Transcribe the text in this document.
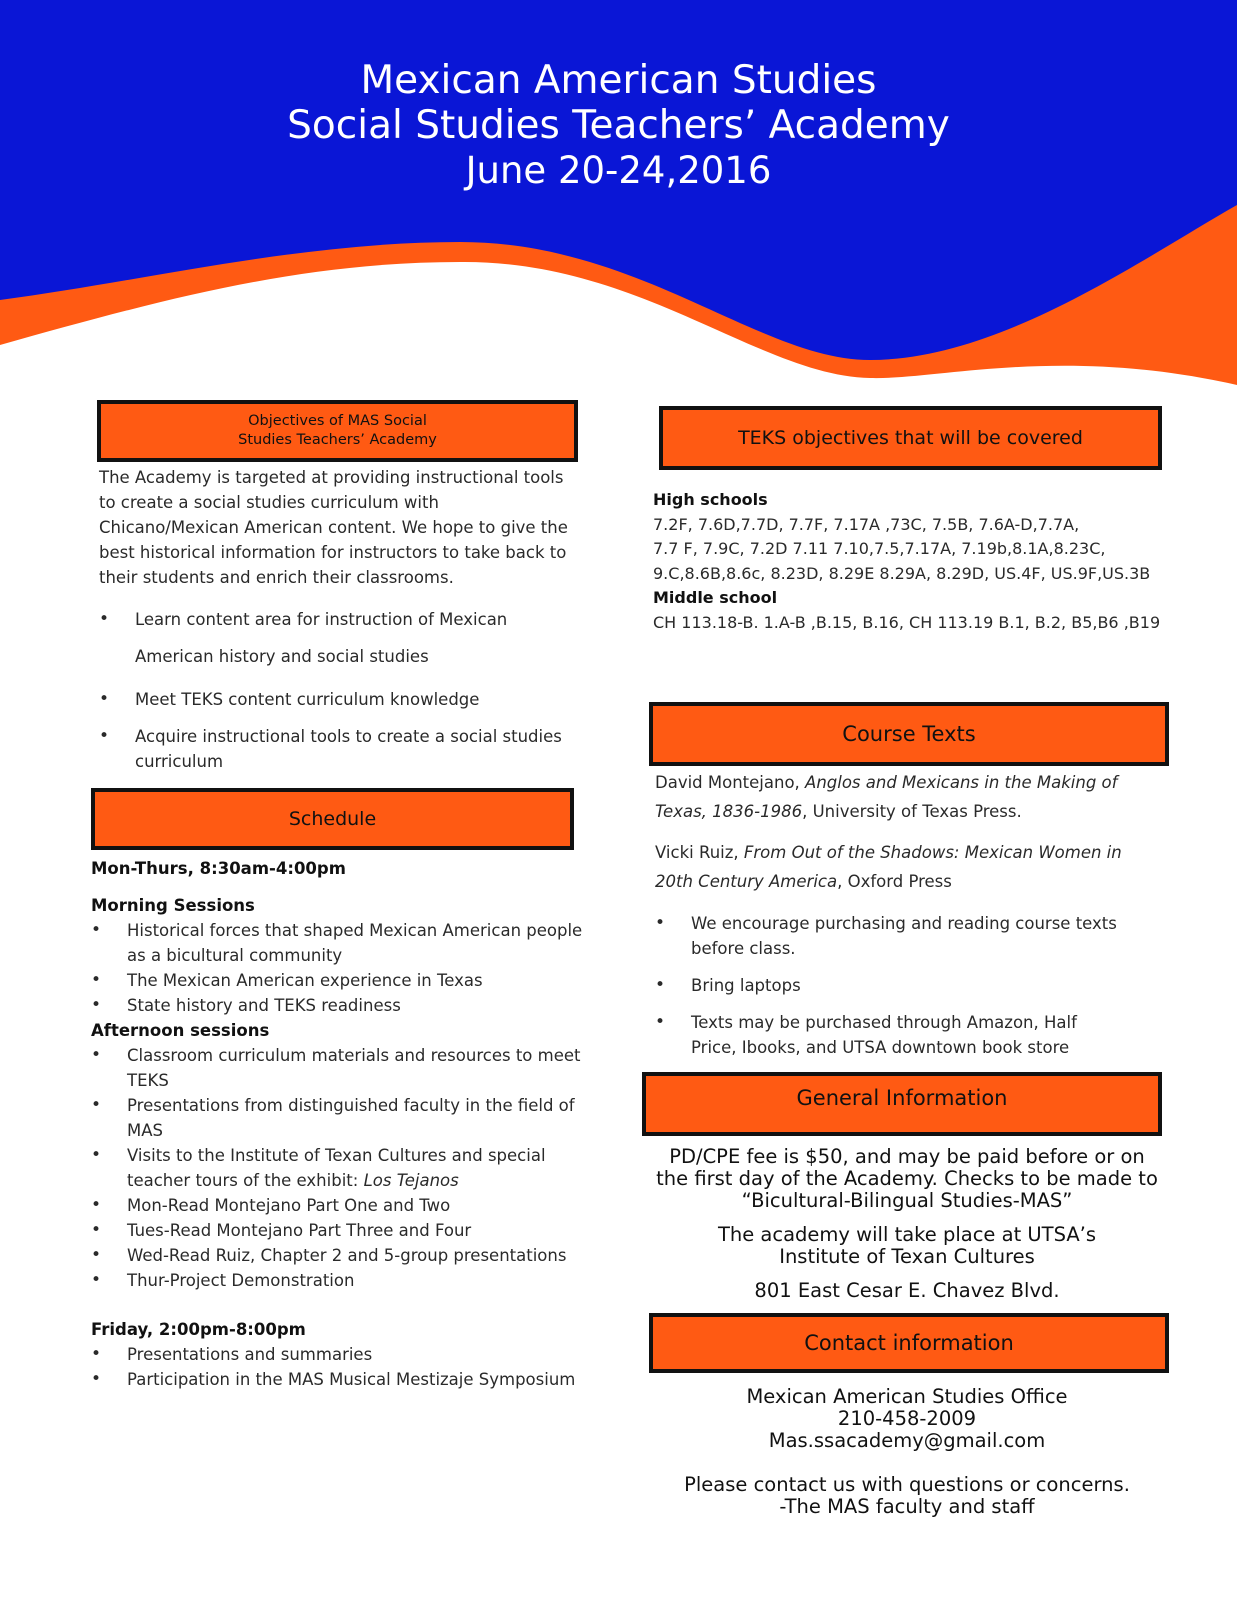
Mexican American Studies
Social Studies Teachers’ Academy
June 20-24,2016
Objectives of MAS Social
Studies Teachers’ Academy

The Academy is targeted at providing instructional tools to create a social studies curriculum with Chicano/Mexican American content. We hope to give the best historical information for instructors to take back to their students and enrich their classrooms.

• Learn content area for instruction of Mexican American history and social studies
• Meet TEKS content curriculum knowledge
• Acquire instructional tools to create a social studies curriculum
Schedule

Mon-Thurs, 8:30am-4:00pm

Morning Sessions

• Historical forces that shaped Mexican American people as a bicultural community
• The Mexican American experience in Texas
• State history and TEKS readiness

Afternoon sessions

• Classroom curriculum materials and resources to meet TEKS
• Presentations from distinguished faculty in the field of MAS
• Visits to the Institute of Texan Cultures and special teacher tours of the exhibit: Los Tejanos
• Mon-Read Montejano Part One and Two
• Tues-Read Montejano Part Three and Four
• Wed-Read Ruiz, Chapter 2 and 5-group presentations
• Thur-Project Demonstration

Friday, 2:00pm-8:00pm

• Presentations and summaries
• Participation in the MAS Musical Mestizaje Symposium
TEKS objectives that will be covered

High schools

7.2F, 7.6D,7.7D, 7.7F, 7.17A ,73C, 7.5B, 7.6A-D,7.7A,

7.7 F, 7.9C, 7.2D 7.11 7.10,7.5,7.17A, 7.19b,8.1A,8.23C,

9.C,8.6B,8.6c, 8.23D, 8.29E 8.29A, 8.29D, US.4F, US.9F,US.3B

Middle school

CH 113.18-B. 1.A-B ,B.15, B.16, CH 113.19 B.1, B.2, B5,B6 ,B19

Course Texts

David Montejano, Anglos and Mexicans in the Making of Texas, 1836-1986, University of Texas Press.

Vicki Ruiz, From Out of the Shadows: Mexican Women in 20th Century America, Oxford Press

• We encourage purchasing and reading course texts before class.
• Bring laptops
• Texts may be purchased through Amazon, Half Price, Ibooks, and UTSA downtown book store
General Information

PD/CPE fee is $50, and may be paid before or on the first day of the Academy. Checks to be made to “Bicultural-Bilingual Studies-MAS”

The academy will take place at UTSA’s Institute of Texan Cultures

801 East Cesar E. Chavez Blvd.

Contact information

Mexican American Studies Office

210-458-2009

Mas.ssacademy@gmail.com

Please contact us with questions or concerns.

-The MAS faculty and staff
